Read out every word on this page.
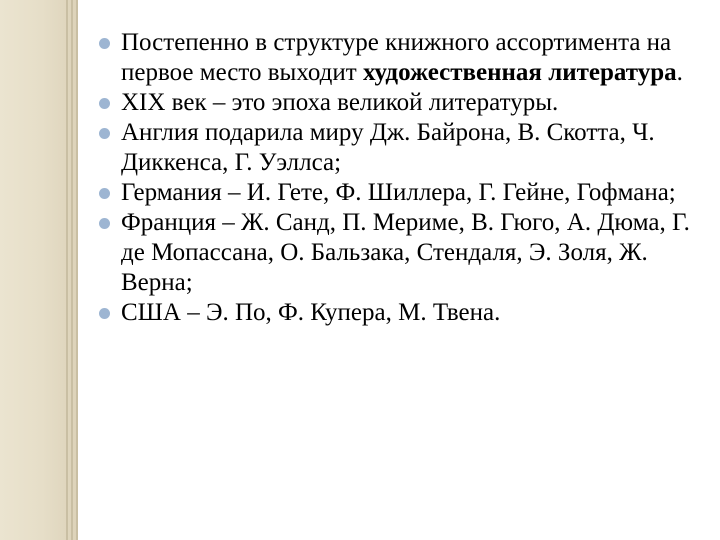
Постепенно в структуре книжного ассортимента на первое место выходит художественная литература.
XIX век – это эпоха великой литературы.
Англия подарила миру Дж. Байрона, В. Скотта, Ч. Диккенса, Г. Уэллса;
Германия – И. Гете, Ф. Шиллера, Г. Гейне, Гофмана;
Франция – Ж. Санд, П. Мериме, В. Гюго, А. Дюма, Г. де Мопассана, О. Бальзака, Стендаля, Э. Золя, Ж. Верна;
США – Э. По, Ф. Купера, М. Твена.
